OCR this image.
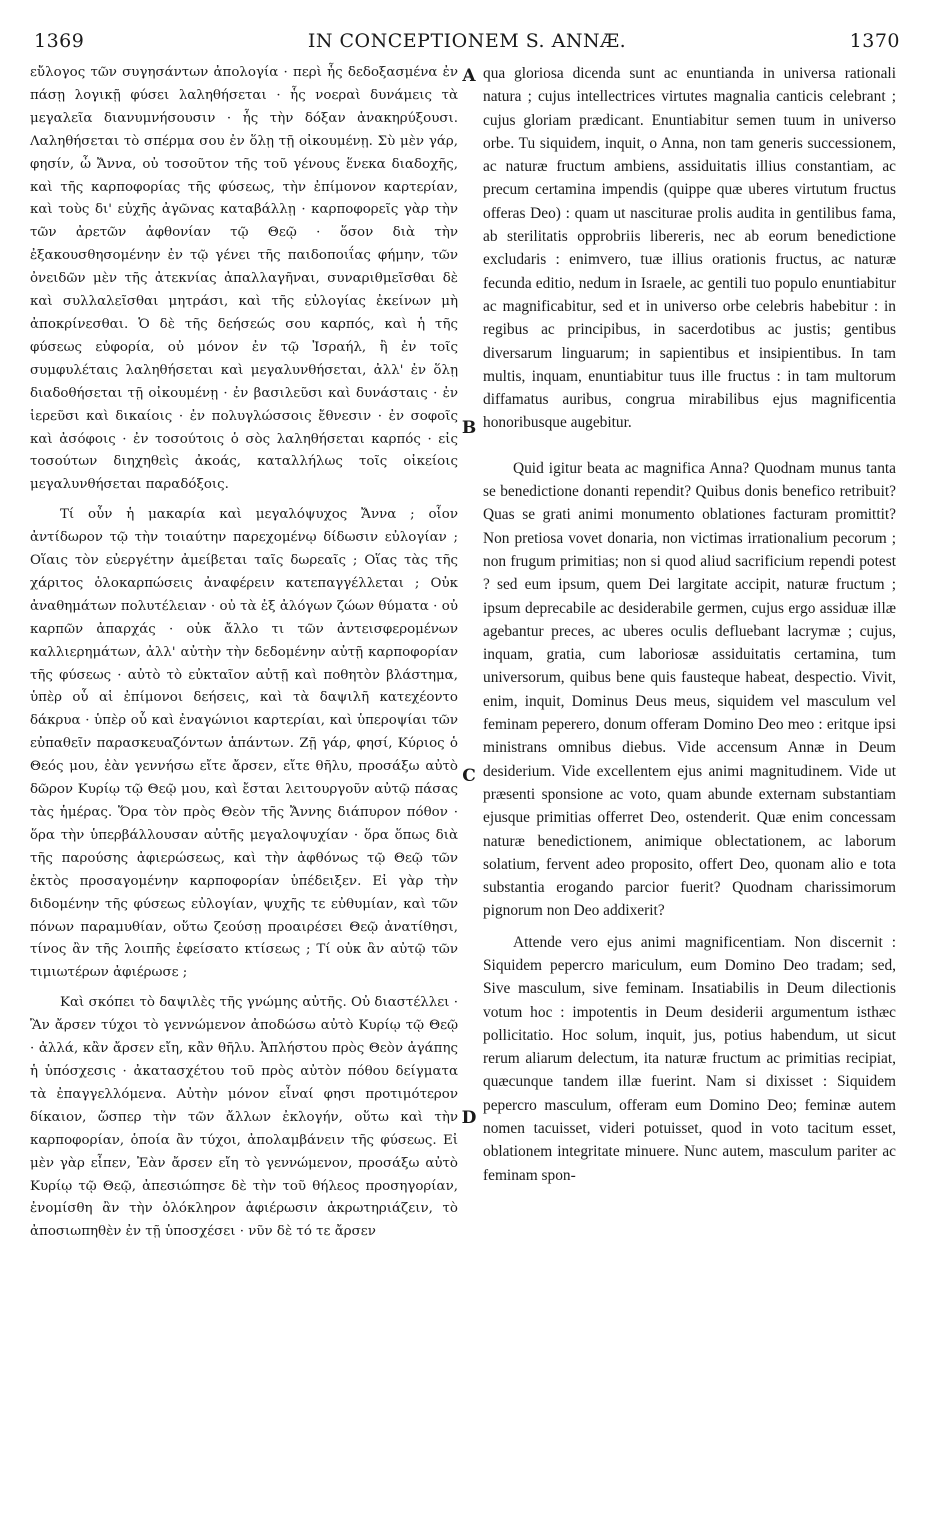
1369	IN CONCEPTIONEM S. ANNÆ.	1370

εὔλογος τῶν συγησάντων ἀπολογία · περὶ ἧς δεδοξασμένα ἐν πάσῃ λογικῇ φύσει λαληθήσεται · ἧς νοεραὶ δυνάμεις τὰ μεγαλεῖα διανυμνήσουσιν · ἧς τὴν δόξαν ἀνακηρύξουσι. Λαληθήσεται τὸ σπέρμα σου ἐν ὅλῃ τῇ οἰκουμένῃ. Σὺ μὲν γάρ, φησίν, ὦ Ἄννα, οὐ τοσοῦτον τῆς τοῦ γένους ἕνεκα διαδοχῆς, καὶ τῆς καρποφορίας τῆς φύσεως, τὴν ἐπίμονον καρτερίαν, καὶ τοὺς δι' εὐχῆς ἀγῶνας καταβάλλῃ · καρποφορεῖς γὰρ τὴν τῶν ἀρετῶν ἀφθονίαν τῷ Θεῷ · ὅσον διὰ τὴν ἐξακουσθησομένην ἐν τῷ γένει τῆς παιδοποιΐας φήμην, τῶν ὀνειδῶν μὲν τῆς ἀτεκνίας ἀπαλλαγῆναι, συναριθμεῖσθαι δὲ καὶ συλλαλεῖσθαι μητράσι, καὶ τῆς εὐλογίας ἐκείνων μὴ ἀποκρίνεσθαι. Ὁ δὲ τῆς δεήσεώς σου καρπός, καὶ ἡ τῆς φύσεως εὐφορία, οὐ μόνον ἐν τῷ Ἰσραήλ, ἢ ἐν τοῖς συμφυλέταις λαληθήσεται καὶ μεγαλυνθήσεται, ἀλλ' ἐν ὅλῃ διαδοθήσεται τῇ οἰκουμένῃ · ἐν βασιλεῦσι καὶ δυνάσταις · ἐν ἱερεῦσι καὶ δικαίοις · ἐν πολυγλώσσοις ἔθνεσιν · ἐν σοφοῖς καὶ ἀσόφοις · ἐν τοσούτοις ὁ σὸς λαληθήσεται καρπός · εἰς τοσούτων διηχηθεὶς ἀκοάς, καταλλήλως τοῖς οἰκείοις μεγαλυνθήσεται παραδόξοις.

Τί οὖν ἡ μακαρία καὶ μεγαλόψυχος Ἄννα ; οἷον ἀντίδωρον τῷ τὴν τοιαύτην παρεχομένῳ δίδωσιν εὐλογίαν ; Οἵαις τὸν εὐεργέτην ἀμείβεται ταῖς δωρεαῖς ; Οἵας τὰς τῆς χάριτος ὁλοκαρπώσεις ἀναφέρειν κατεπαγγέλλεται ; Οὐκ ἀναθημάτων πολυτέλειαν · οὐ τὰ ἐξ ἀλόγων ζώων θύματα · οὐ καρπῶν ἀπαρχάς · οὐκ ἄλλο τι τῶν ἀντεισφερομένων καλλιερημάτων, ἀλλ' αὐτὴν τὴν δεδομένην αὐτῇ καρποφορίαν τῆς φύσεως · αὐτὸ τὸ εὐκταῖον αὐτῇ καὶ ποθητὸν βλάστημα, ὑπὲρ οὗ αἱ ἐπίμονοι δεήσεις, καὶ τὰ δαψιλῆ κατεχέοντο δάκρυα · ὑπὲρ οὗ καὶ ἐναγώνιοι καρτερίαι, καὶ ὑπεροψίαι τῶν εὐπαθεῖν παρασκευαζόντων ἁπάντων. Ζῇ γάρ, φησί, Κύριος ὁ Θεός μου, ἐὰν γεννήσω εἴτε ἄρσεν, εἴτε θῆλυ, προσάξω αὐτὸ δῶρον Κυρίῳ τῷ Θεῷ μου, καὶ ἔσται λειτουργοῦν αὐτῷ πάσας τὰς ἡμέρας. Ὅρα τὸν πρὸς Θεὸν τῆς Ἄννης διάπυρον πόθον · ὅρα τὴν ὑπερβάλλουσαν αὐτῆς μεγαλοψυχίαν · ὅρα ὅπως διὰ τῆς παρούσης ἀφιερώσεως, καὶ τὴν ἀφθόνως τῷ Θεῷ τῶν ἐκτὸς προσαγομένην καρποφορίαν ὑπέδειξεν. Εἰ γὰρ τὴν διδομένην τῆς φύσεως εὐλογίαν, ψυχῆς τε εὐθυμίαν, καὶ τῶν πόνων παραμυθίαν, οὕτω ζεούσῃ προαιρέσει Θεῷ ἀνατίθησι, τίνος ἂν τῆς λοιπῆς ἐφείσατο κτίσεως ; Τί οὐκ ἂν αὐτῷ τῶν τιμιωτέρων ἀφιέρωσε ;

Καὶ σκόπει τὸ δαψιλὲς τῆς γνώμης αὐτῆς. Οὐ διαστέλλει · Ἂν ἄρσεν τύχοι τὸ γεννώμενον ἀποδώσω αὐτὸ Κυρίῳ τῷ Θεῷ · ἀλλά, κἂν ἄρσεν εἴη, κἂν θῆλυ. Ἀπλήστου πρὸς Θεὸν ἀγάπης ἡ ὑπόσχεσις · ἀκατασχέτου τοῦ πρὸς αὐτὸν πόθου δείγματα τὰ ἐπαγγελλόμενα. Αὐτὴν μόνον εἶναί φησι προτιμότερον δίκαιον, ὥσπερ τὴν τῶν ἄλλων ἐκλογήν, οὕτω καὶ τὴν καρποφορίαν, ὁποία ἂν τύχοι, ἀπολαμβάνειν τῆς φύσεως. Εἰ μὲν γὰρ εἶπεν, Ἐὰν ἄρσεν εἴη τὸ γεννώμενον, προσάξω αὐτὸ Κυρίῳ τῷ Θεῷ, ἀπεσιώπησε δὲ τὴν τοῦ θήλεος προσηγορίαν, ἐνομίσθη ἂν τὴν ὁλόκληρον ἀφιέρωσιν ἀκρωτηριάζειν, τὸ ἀποσιωπηθὲν ἐν τῇ ὑποσχέσει · νῦν δὲ τό τε ἄρσεν

A
B
C
D

qua gloriosa dicenda sunt ac enuntianda in universa rationali natura ; cujus intellectrices virtutes magnalia canticis celebrant ; cujus gloriam prædicant. Enuntiabitur semen tuum in universo orbe. Tu siquidem, inquit, o Anna, non tam generis successionem, ac naturæ fructum ambiens, assiduitatis illius constantiam, ac precum certamina impendis (quippe quæ uberes virtutum fructus offeras Deo) : quam ut nasciturae prolis audita in gentilibus fama, ab sterilitatis opprobriis libereris, nec ab eorum benedictione excludaris : enimvero, tuæ illius orationis fructus, ac naturæ fecunda editio, nedum in Israele, ac gentili tuo populo enuntiabitur ac magnificabitur, sed et in universo orbe celebris habebitur : in regibus ac principibus, in sacerdotibus ac justis; gentibus diversarum linguarum; in sapientibus et insipientibus. In tam multis, inquam, enuntiabitur tuus ille fructus : in tam multorum diffamatus auribus, congrua mirabilibus ejus magnificentia honoribusque augebitur.

Quid igitur beata ac magnifica Anna? Quodnam munus tanta se benedictione donanti rependit? Quibus donis benefico retribuit? Quas se grati animi monumento oblationes facturam promittit? Non pretiosa vovet donaria, non victimas irrationalium pecorum ; non frugum primitias; non si quod aliud sacrificium rependi potest ? sed eum ipsum, quem Dei largitate accipit, naturæ fructum ; ipsum deprecabile ac desiderabile germen, cujus ergo assiduæ illæ agebantur preces, ac uberes oculis defluebant lacrymæ ; cujus, inquam, gratia, cum laboriosæ assiduitatis certamina, tum universorum, quibus bene quis fausteque habeat, despectio. Vivit, enim, inquit, Dominus Deus meus, siquidem vel masculum vel feminam peperero, donum offeram Domino Deo meo : eritque ipsi ministrans omnibus diebus. Vide accensum Annæ in Deum desiderium. Vide excellentem ejus animi magnitudinem. Vide ut præsenti sponsione ac voto, quam abunde externam substantiam ejusque primitias offerret Deo, ostenderit. Quæ enim concessam naturæ benedictionem, animique oblectationem, ac laborum solatium, fervent adeo proposito, offert Deo, quonam alio e tota substantia erogando parcior fuerit? Quodnam charissimorum pignorum non Deo addixerit?

Attende vero ejus animi magnificentiam. Non discernit : Siquidem pepercro mariculum, eum Domino Deo tradam; sed, Sive masculum, sive feminam. Insatiabilis in Deum dilectionis votum hoc : impotentis in Deum desiderii argumentum isthæc pollicitatio. Hoc solum, inquit, jus, potius habendum, ut sicut rerum aliarum delectum, ita naturæ fructum ac primitias recipiat, quæcunque tandem illæ fuerint. Nam si dixisset : Siquidem pepercro masculum, offeram eum Domino Deo; feminæ autem nomen tacuisset, videri potuisset, quod in voto tacitum esset, oblationem integritate minuere. Nunc autem, masculum pariter ac feminam spon-
